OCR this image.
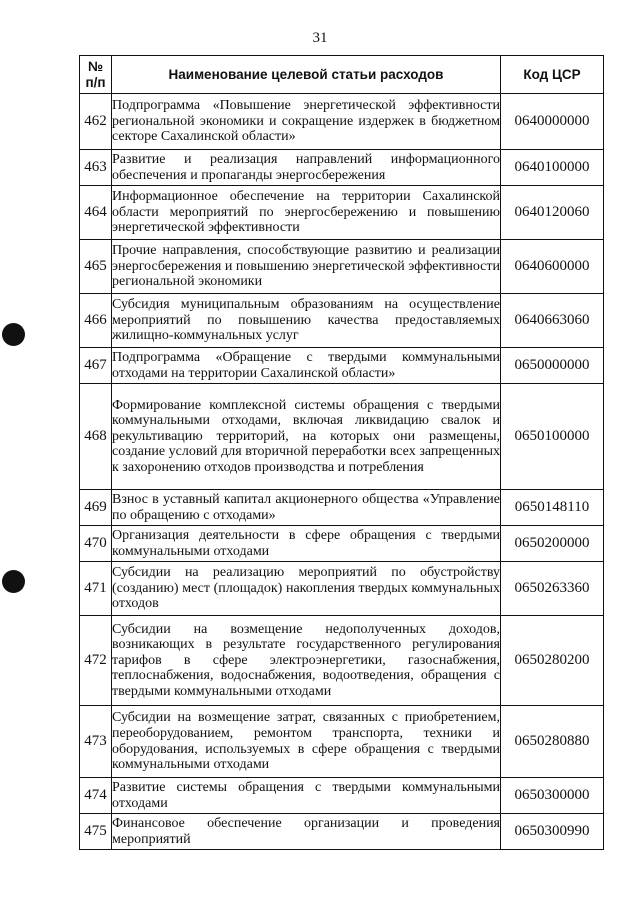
31
№
п/п	Наименование целевой статьи расходов	Код ЦСР
462	Подпрограмма «Повышение энергетической эффективности региональной экономики и сокращение издержек в бюджетном секторе Сахалинской области»	0640000000
463	Развитие и реализация направлений информационного обеспечения и пропаганды энергосбережения	0640100000
464	Информационное обеспечение на территории Сахалинской области мероприятий по энергосбережению и повышению энергетической эффективности	0640120060
465	Прочие направления, способствующие развитию и реализации энергосбережения и повышению энергетической эффективности региональной экономики	0640600000
466	Субсидия муниципальным образованиям на осуществление мероприятий по повышению качества предоставляемых жилищно-коммунальных услуг	0640663060
467	Подпрограмма «Обращение с твердыми коммунальными отходами на территории Сахалинской области»	0650000000
468	Формирование комплексной системы обращения с твердыми коммунальными отходами, включая ликвидацию свалок и рекультивацию территорий, на которых они размещены, создание условий для вторичной переработки всех запрещенных к захоронению отходов производства и потребления	0650100000
469	Взнос в уставный капитал акционерного общества «Управление по обращению с отходами»	0650148110
470	Организация деятельности в сфере обращения с твердыми коммунальными отходами	0650200000
471	Субсидии на реализацию мероприятий по обустройству (созданию) мест (площадок) накопления твердых коммунальных отходов	0650263360
472	Субсидии на возмещение недополученных доходов, возникающих в результате государственного регулирования тарифов в сфере электроэнергетики, газоснабжения, теплоснабжения, водоснабжения, водоотведения, обращения с твердыми коммунальными отходами	0650280200
473	Субсидии на возмещение затрат, связанных с приобретением, переоборудованием, ремонтом транспорта, техники и оборудования, используемых в сфере обращения с твердыми коммунальными отходами	0650280880
474	Развитие системы обращения с твердыми коммунальными отходами	0650300000
475	Финансовое обеспечение организации и проведения мероприятий	0650300990
